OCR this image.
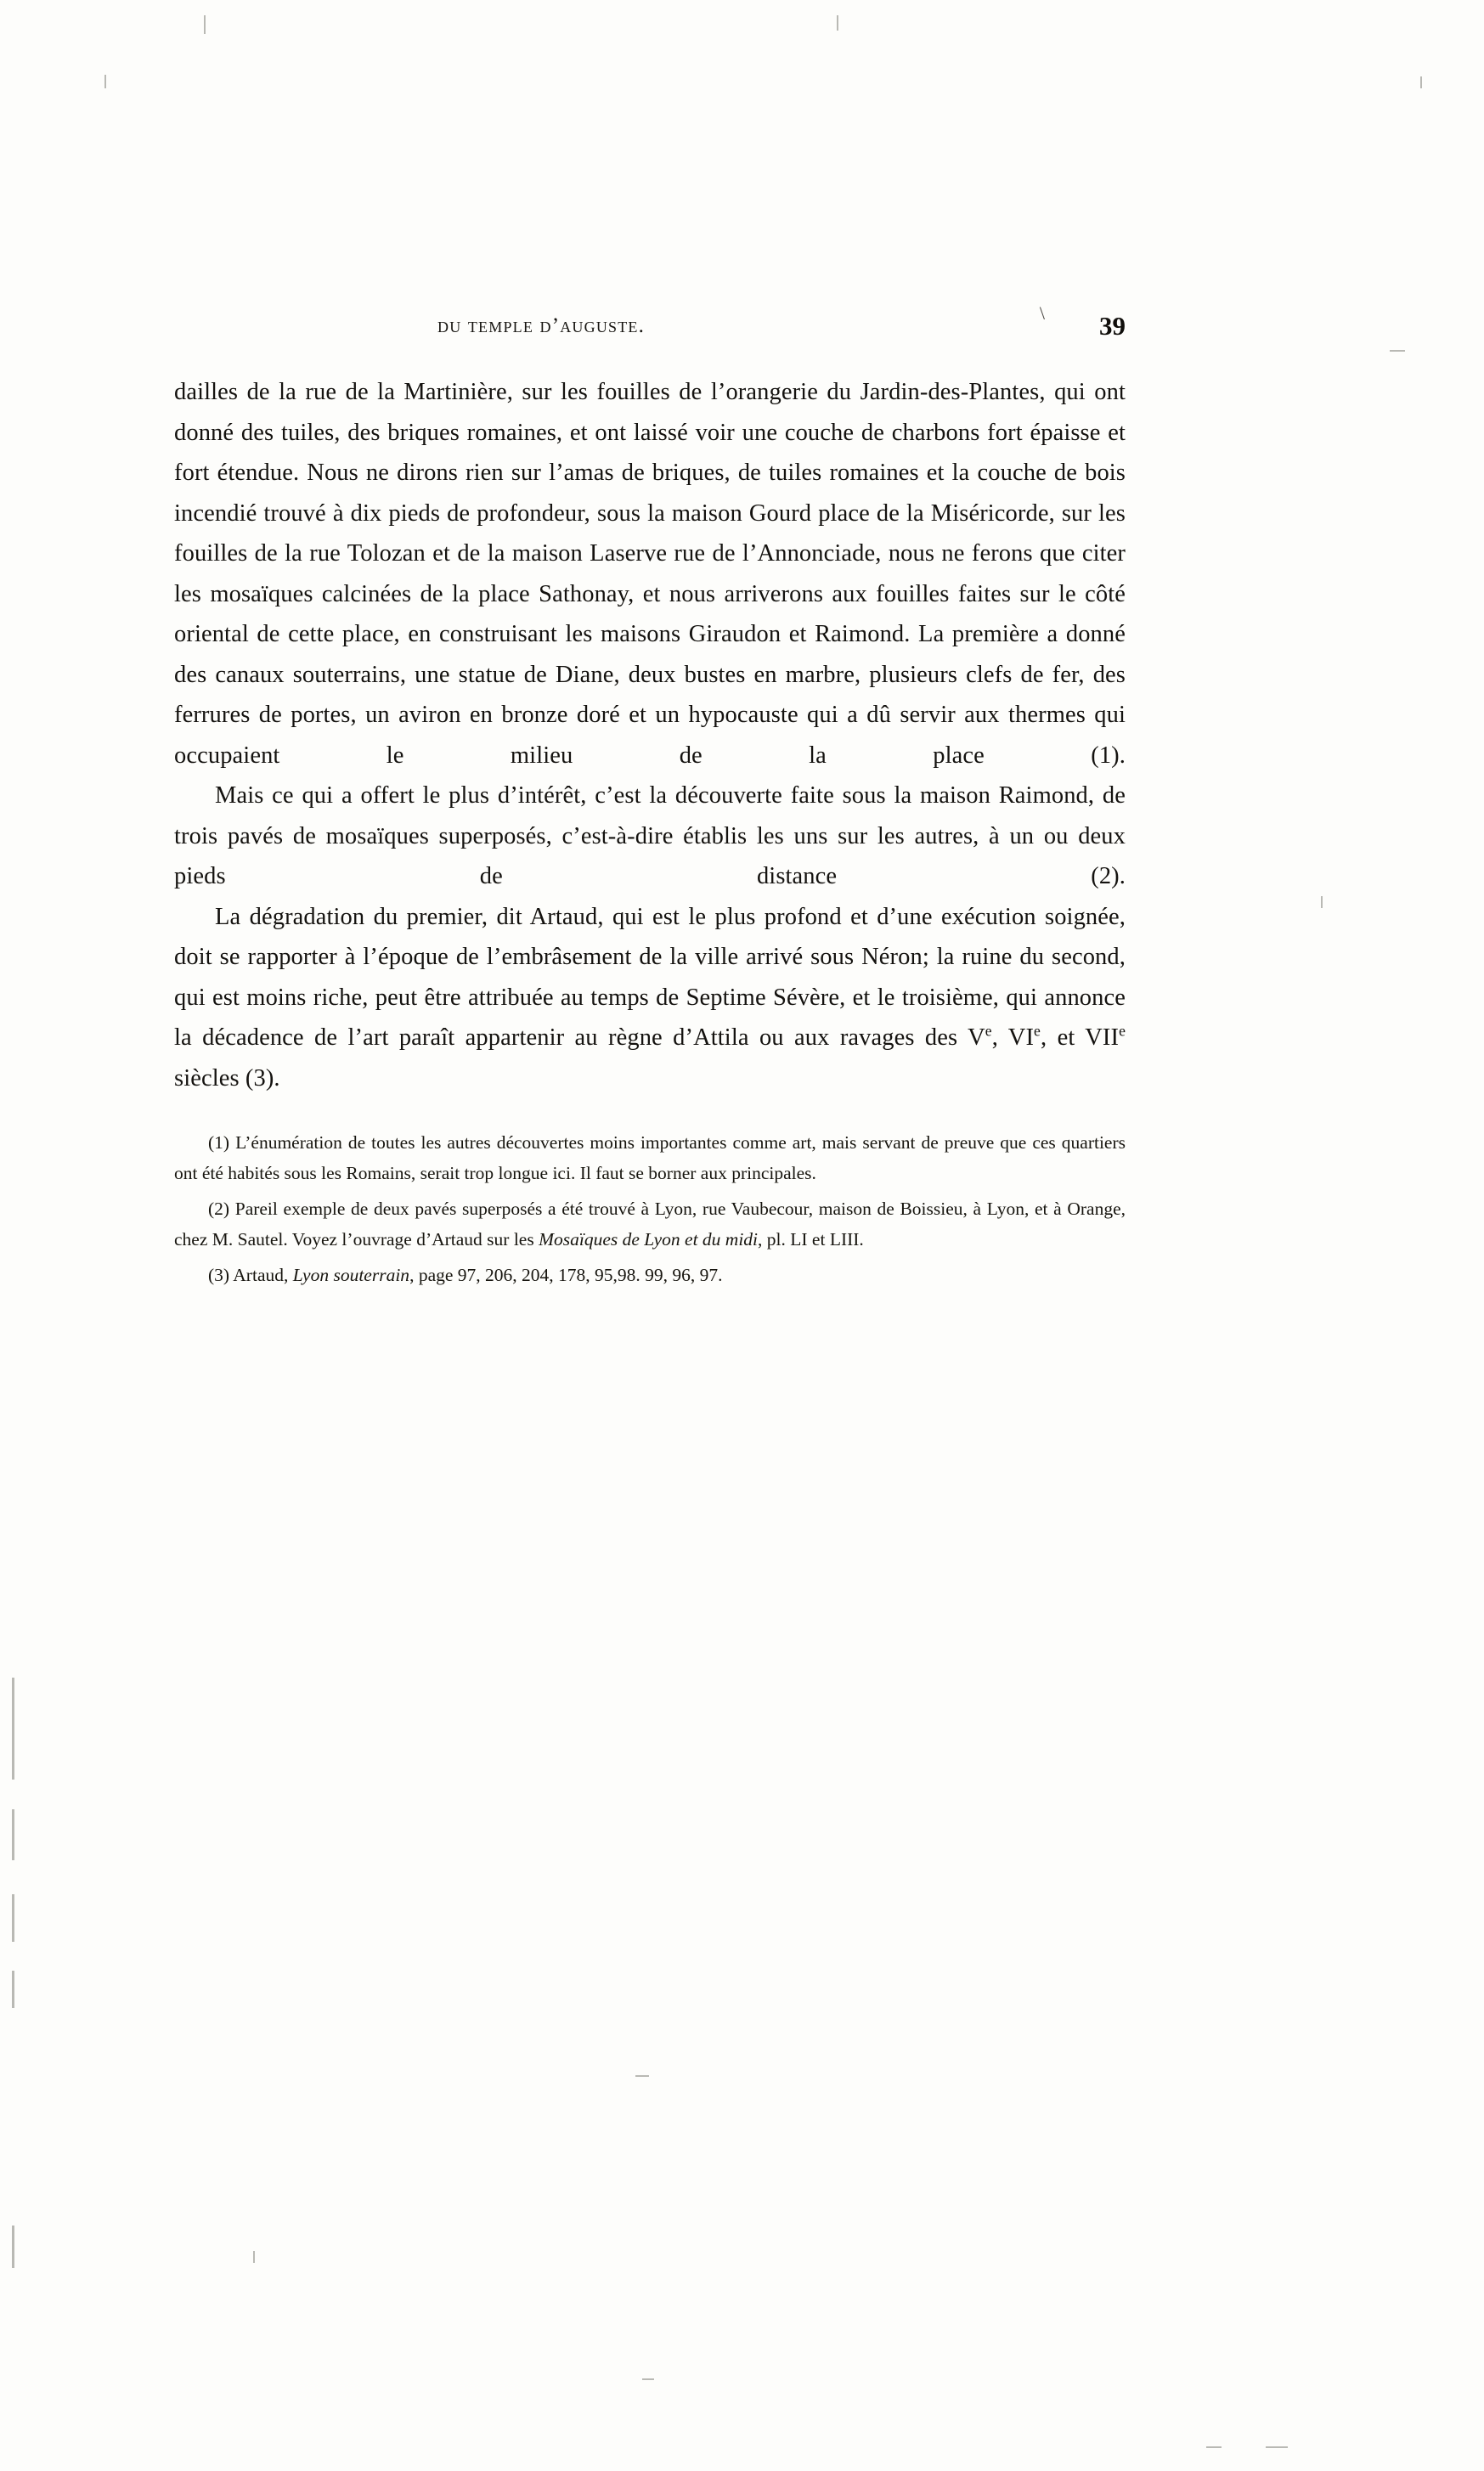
du temple d’auguste.
\ 39

dailles de la rue de la Martinière, sur les fouilles de l’orangerie du Jardin-des-Plantes, qui ont donné des tuiles, des briques romaines, et ont laissé voir une couche de charbons fort épaisse et fort étendue. Nous ne dirons rien sur l’amas de briques, de tuiles romaines et la couche de bois incendié trouvé à dix pieds de profondeur, sous la maison Gourd place de la Miséricorde, sur les fouilles de la rue Tolozan et de la maison Laserve rue de l’Annonciade, nous ne ferons que citer les mosaïques calcinées de la place Sathonay, et nous arriverons aux fouilles faites sur le côté oriental de cette place, en construisant les maisons Giraudon et Raimond. La première a donné des canaux souterrains, une statue de Diane, deux bustes en marbre, plusieurs clefs de fer, des ferrures de portes, un aviron en bronze doré et un hypocauste qui a dû servir aux thermes qui occupaient le milieu de la place (1).

Mais ce qui a offert le plus d’intérêt, c’est la découverte faite sous la maison Raimond, de trois pavés de mosaïques superposés, c’est-à-dire établis les uns sur les autres, à un ou deux pieds de distance (2).

La dégradation du premier, dit Artaud, qui est le plus profond et d’une exécution soignée, doit se rapporter à l’époque de l’embrâsement de la ville arrivé sous Néron; la ruine du second, qui est moins riche, peut être attribuée au temps de Septime Sévère, et le troisième, qui annonce la décadence de l’art paraît appartenir au règne d’Attila ou aux ravages des Ve, VIe, et VIIe siècles (3).

(1) L’énumération de toutes les autres découvertes moins importantes comme art, mais servant de preuve que ces quartiers ont été habités sous les Romains, serait trop longue ici. Il faut se borner aux principales.

(2) Pareil exemple de deux pavés superposés a été trouvé à Lyon, rue Vaubecour, maison de Boissieu, à Lyon, et à Orange, chez M. Sautel. Voyez l’ouvrage d’Artaud sur les Mosaïques de Lyon et du midi, pl. LI et LIII.

(3) Artaud, Lyon souterrain, page 97, 206, 204, 178, 95,98. 99, 96, 97.
